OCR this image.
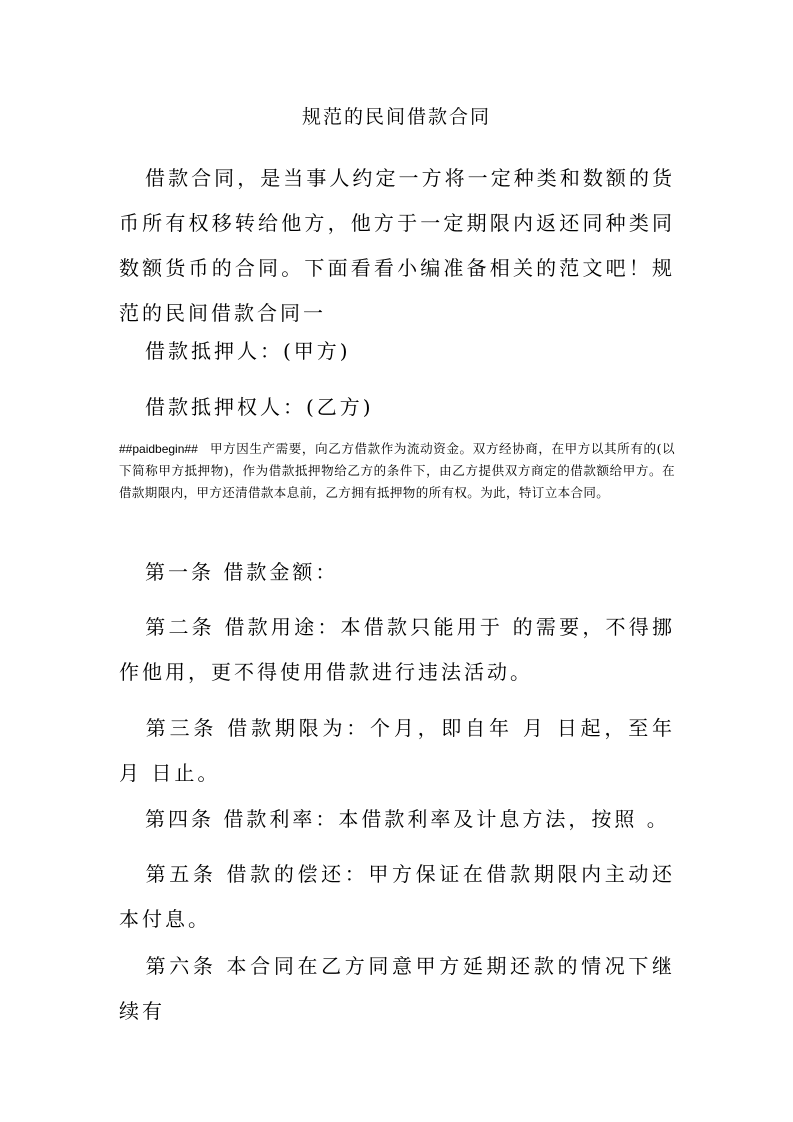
规范的民间借款合同

借款合同，是当事人约定一方将一定种类和数额的货币所有权移转给他方，他方于一定期限内返还同种类同数额货币的合同。下面看看小编准备相关的范文吧！规范的民间借款合同一

借款抵押人：(甲方)

借款抵押权人：(乙方)

##paidbegin## 甲方因生产需要，向乙方借款作为流动资金。双方经协商，在甲方以其所有的(以下简称甲方抵押物)，作为借款抵押物给乙方的条件下，由乙方提供双方商定的借款额给甲方。在借款期限内，甲方还清借款本息前，乙方拥有抵押物的所有权。为此，特订立本合同。

第一条 借款金额：

第二条 借款用途：本借款只能用于 的需要，不得挪作他用，更不得使用借款进行违法活动。

第三条 借款期限为：个月，即自年 月 日起，至年 月 日止。

第四条 借款利率：本借款利率及计息方法，按照 。

第五条 借款的偿还：甲方保证在借款期限内主动还本付息。

第六条 本合同在乙方同意甲方延期还款的情况下继续有
